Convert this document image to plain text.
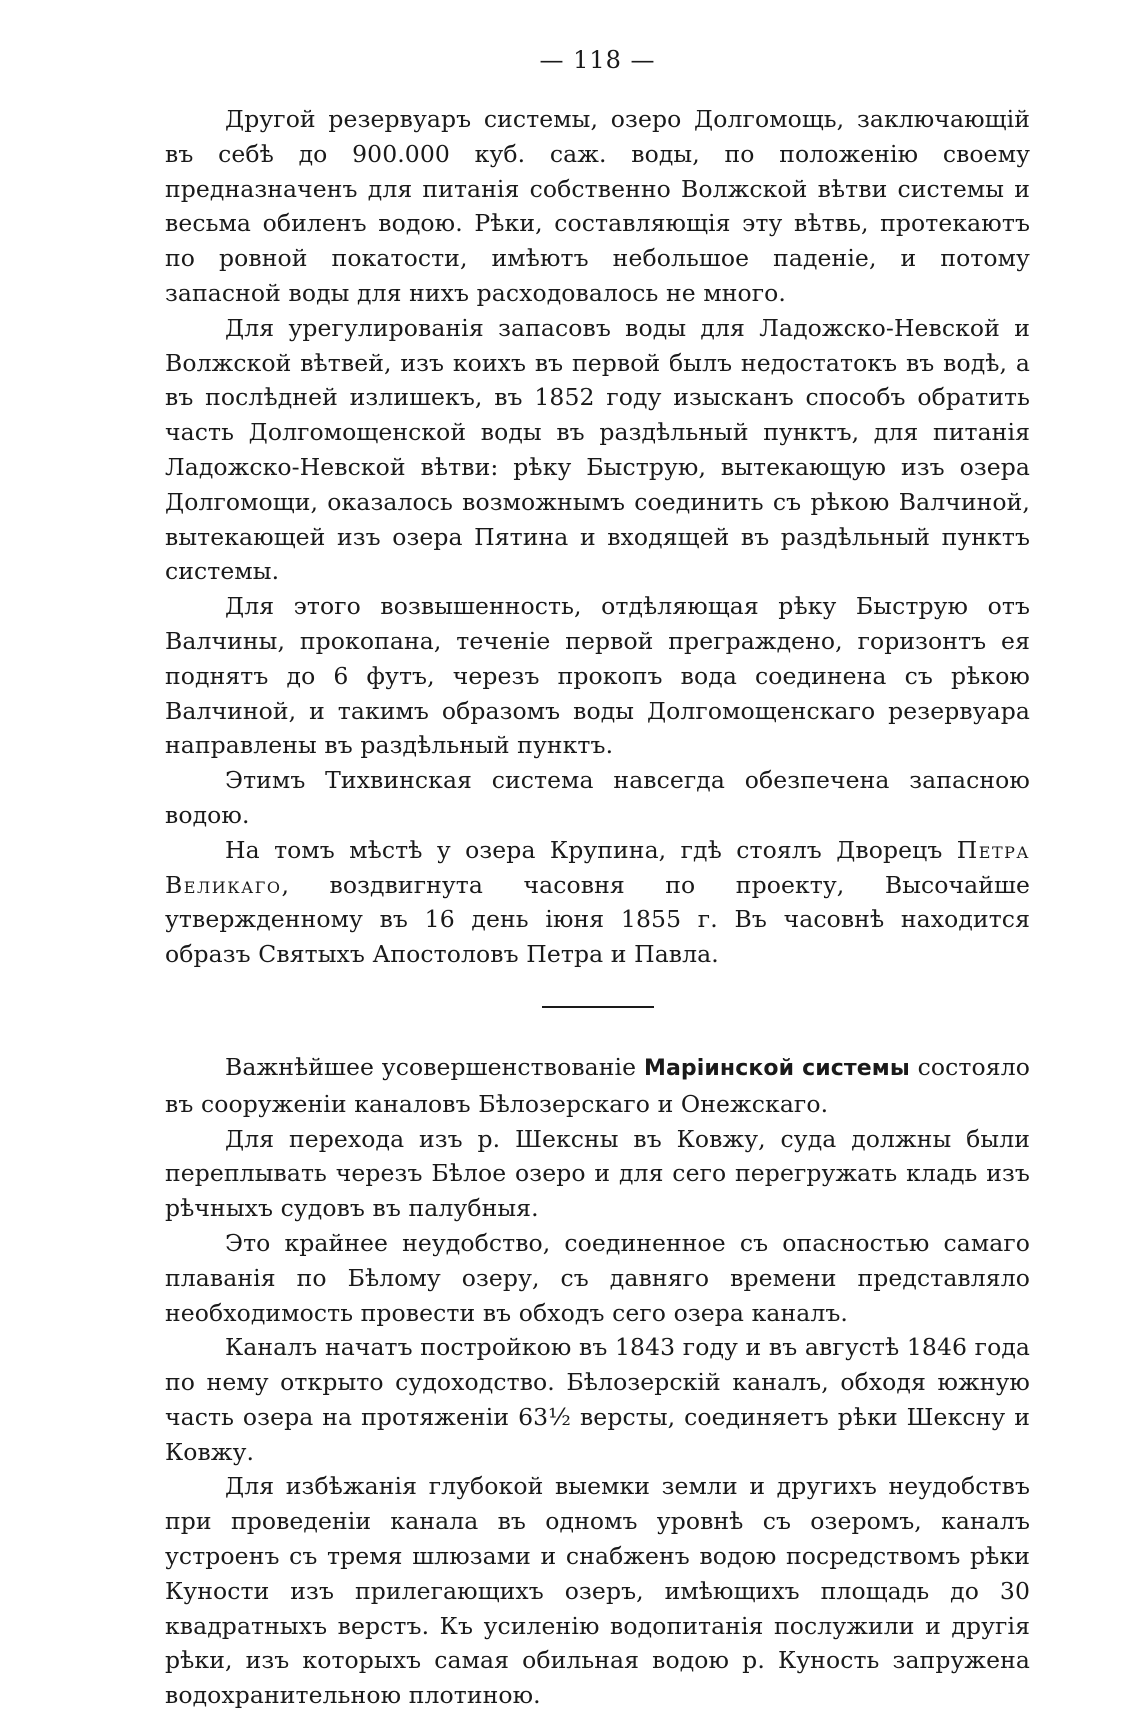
— 118 —

Другой резервуаръ системы, озеро Долгомощь, заключающій въ себѣ до 900.000 куб. саж. воды, по положенію своему предназначенъ для питанія собственно Волжской вѣтви системы и весьма обиленъ водою. Рѣки, составляющія эту вѣтвь, протекаютъ по ровной покатости, имѣютъ небольшое паденіе, и потому запасной воды для нихъ расходовалось не много.

Для урегулированія запасовъ воды для Ладожско-Невской и Волжской вѣтвей, изъ коихъ въ первой былъ недостатокъ въ водѣ, а въ послѣдней излишекъ, въ 1852 году изысканъ способъ обратить часть Долгомощенской воды въ раздѣльный пунктъ, для питанія Ладожско-Невской вѣтви: рѣку Быструю, вытекающую изъ озера Долгомощи, оказалось возможнымъ соединить съ рѣкою Валчиной, вытекающей изъ озера Пятина и входящей въ раздѣльный пунктъ системы.

Для этого возвышенность, отдѣляющая рѣку Быструю отъ Валчины, прокопана, теченіе первой преграждено, горизонтъ ея поднятъ до 6 футъ, черезъ прокопъ вода соединена съ рѣкою Валчиной, и такимъ образомъ воды Долгомощенскаго резервуара направлены въ раздѣльный пунктъ.

Этимъ Тихвинская система навсегда обезпечена запасною водою.

На томъ мѣстѣ у озера Крупина, гдѣ стоялъ Дворецъ Петра Великаго, воздвигнута часовня по проекту, Высочайше утвержденному въ 16 день іюня 1855 г. Въ часовнѣ находится образъ Святыхъ Апостоловъ Петра и Павла.

Важнѣйшее усовершенствованіе Маріинской системы состояло въ сооруженіи каналовъ Бѣлозерскаго и Онежскаго.

Для перехода изъ р. Шексны въ Ковжу, суда должны были переплывать черезъ Бѣлое озеро и для сего перегружать кладь изъ рѣчныхъ судовъ въ палубныя.

Это крайнее неудобство, соединенное съ опасностью самаго плаванія по Бѣлому озеру, съ давняго времени представляло необходимость провести въ обходъ сего озера каналъ.

Каналъ начатъ постройкою въ 1843 году и въ августѣ 1846 года по нему открыто судоходство. Бѣлозерскій каналъ, обходя южную часть озера на протяженіи 63½ версты, соединяетъ рѣки Шексну и Ковжу.

Для избѣжанія глубокой выемки земли и другихъ неудобствъ при проведеніи канала въ одномъ уровнѣ съ озеромъ, каналъ устроенъ съ тремя шлюзами и снабженъ водою посредствомъ рѣки Куности изъ прилегающихъ озеръ, имѣющихъ площадь до 30 квадратныхъ верстъ. Къ усиленію водопитанія послужили и другія рѣки, изъ которыхъ самая обильная водою р. Куность запружена водохранительною плотиною.
